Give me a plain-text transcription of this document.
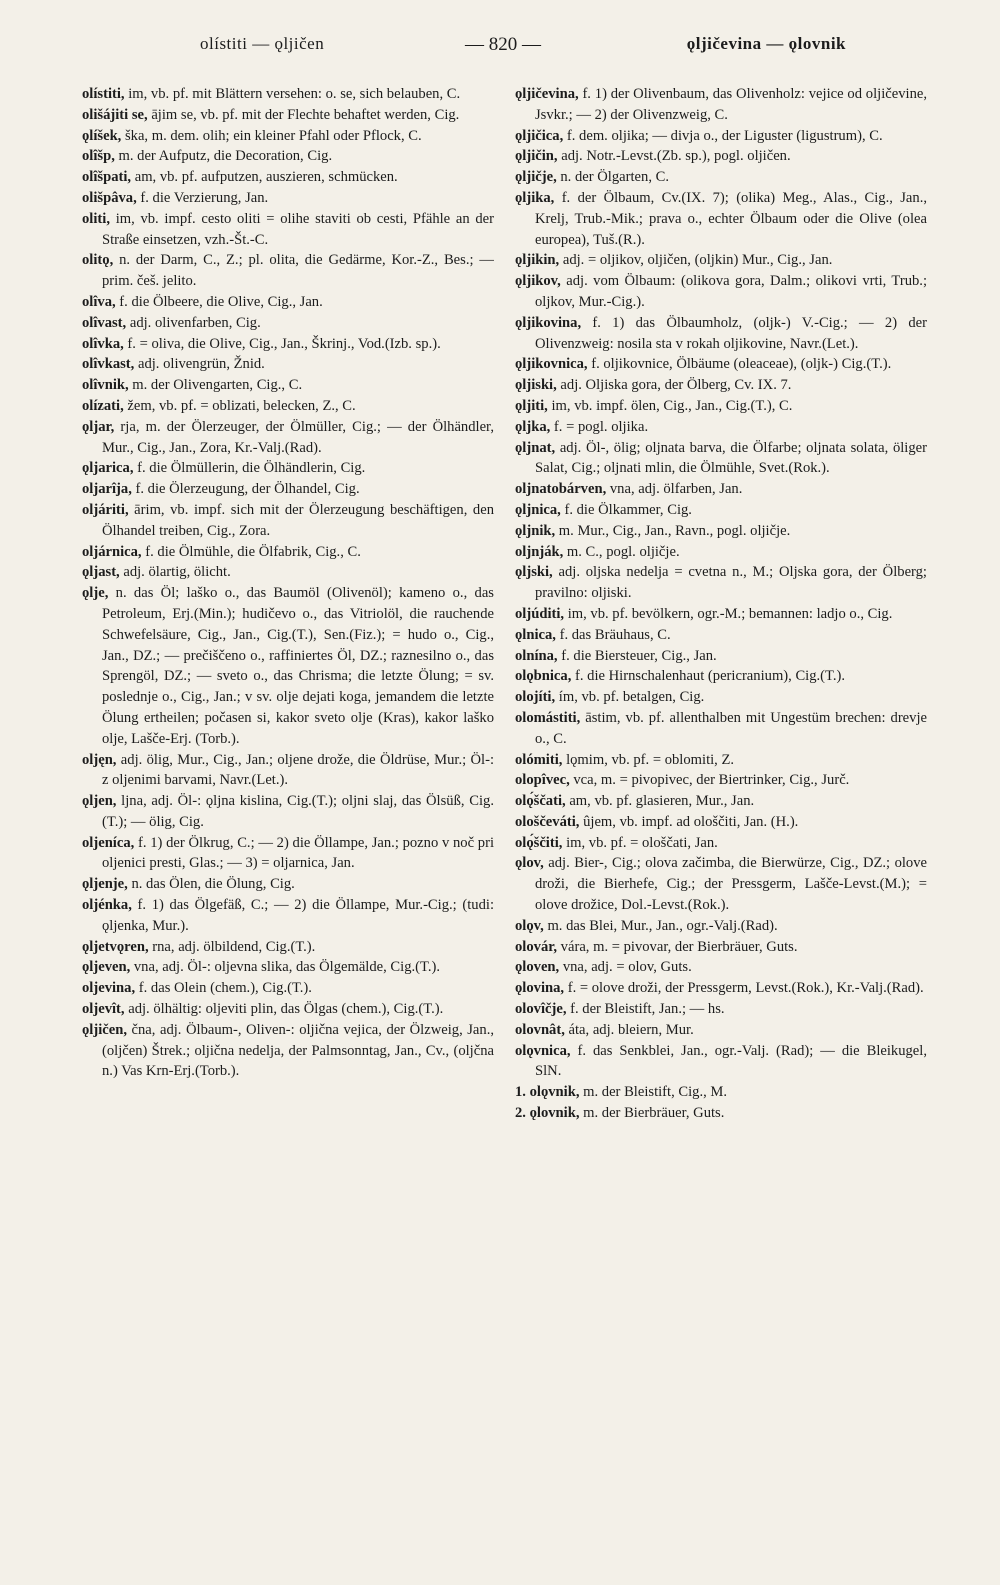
olístiti — ǫljičen	— 820 —	ǫljičevina — ǫlovnik

olístiti, im, vb. pf. mit Blättern versehen: o. se, sich belauben, C.

olišájiti se, ājim se, vb. pf. mit der Flechte behaftet werden, Cig.

ǫlíšek, ška, m. dem. olih; ein kleiner Pfahl oder Pflock, C.

olîšp, m. der Aufputz, die Decoration, Cig.

olîšpati, am, vb. pf. aufputzen, auszieren, schmücken.

olišpâva, f. die Verzierung, Jan.

oliti, im, vb. impf. cesto oliti = olihe staviti ob cesti, Pfähle an der Straße einsetzen, vzh.-Št.-C.

olitǫ, n. der Darm, C., Z.; pl. olita, die Gedärme, Kor.-Z., Bes.; — prim. češ. jelito.

olîva, f. die Ölbeere, die Olive, Cig., Jan.

olîvast, adj. olivenfarben, Cig.

olîvka, f. = oliva, die Olive, Cig., Jan., Škrinj., Vod.(Izb. sp.).

olîvkast, adj. olivengrün, Žnid.

olîvnik, m. der Olivengarten, Cig., C.

olízati, žem, vb. pf. = oblizati, belecken, Z., C.

ǫljar, rja, m. der Ölerzeuger, der Ölmüller, Cig.; — der Ölhändler, Mur., Cig., Jan., Zora, Kr.-Valj.(Rad).

ǫljarica, f. die Ölmüllerin, die Ölhändlerin, Cig.

oljarîja, f. die Ölerzeugung, der Ölhandel, Cig.

oljáriti, ārim, vb. impf. sich mit der Ölerzeugung beschäftigen, den Ölhandel treiben, Cig., Zora.

oljárnica, f. die Ölmühle, die Ölfabrik, Cig., C.

ǫljast, adj. ölartig, ölicht.

ǫlje, n. das Öl; laško o., das Baumöl (Olivenöl); kameno o., das Petroleum, Erj.(Min.); hudičevo o., das Vitriolöl, die rauchende Schwefelsäure, Cig., Jan., Cig.(T.), Sen.(Fiz.); = hudo o., Cig., Jan., DZ.; — prečiščeno o., raffiniertes Öl, DZ.; raznesilno o., das Sprengöl, DZ.; — sveto o., das Chrisma; die letzte Ölung; = sv. poslednje o., Cig., Jan.; v sv. olje dejati koga, jemandem die letzte Ölung ertheilen; počasen si, kakor sveto olje (Kras), kakor laško olje, Lašče-Erj. (Torb.).

oljęn, adj. ölig, Mur., Cig., Jan.; oljene drože, die Öldrüse, Mur.; Öl-: z oljenimi barvami, Navr.(Let.).

ǫljen, ljna, adj. Öl-: ǫljna kislina, Cig.(T.); oljni slaj, das Ölsüß, Cig.(T.); — ölig, Cig.

oljeníca, f. 1) der Ölkrug, C.; — 2) die Öllampe, Jan.; pozno v noč pri oljenici presti, Glas.; — 3) = oljarnica, Jan.

ǫljenje, n. das Ölen, die Ölung, Cig.

oljénka, f. 1) das Ölgefäß, C.; — 2) die Öllampe, Mur.-Cig.; (tudi: ǫljenka, Mur.).

ǫljetvǫren, rna, adj. ölbildend, Cig.(T.).

ǫljeven, vna, adj. Öl-: oljevna slika, das Ölgemälde, Cig.(T.).

oljevina, f. das Olein (chem.), Cig.(T.).

oljevît, adj. ölhältig: oljeviti plin, das Ölgas (chem.), Cig.(T.).

ǫljičen, čna, adj. Ölbaum-, Oliven-: oljična vejica, der Ölzweig, Jan., (oljčen) Štrek.; oljična nedelja, der Palmsonntag, Jan., Cv., (oljčna n.) Vas Krn-Erj.(Torb.).

ǫljičevina, f. 1) der Olivenbaum, das Olivenholz: vejice od oljičevine, Jsvkr.; — 2) der Olivenzweig, C.

ǫljičica, f. dem. oljika; — divja o., der Liguster (ligustrum), C.

ǫljičin, adj. Notr.-Levst.(Zb. sp.), pogl. oljičen.

ǫljičje, n. der Ölgarten, C.

ǫljika, f. der Ölbaum, Cv.(IX. 7); (olika) Meg., Alas., Cig., Jan., Krelj, Trub.-Mik.; prava o., echter Ölbaum oder die Olive (olea europea), Tuš.(R.).

ǫljikin, adj. = oljikov, oljičen, (oljkin) Mur., Cig., Jan.

ǫljikov, adj. vom Ölbaum: (olikova gora, Dalm.; olikovi vrti, Trub.; oljkov, Mur.-Cig.).

ǫljikovina, f. 1) das Ölbaumholz, (oljk-) V.-Cig.; — 2) der Olivenzweig: nosila sta v rokah oljikovine, Navr.(Let.).

ǫljikovnica, f. oljikovnice, Ölbäume (oleaceae), (oljk-) Cig.(T.).

ǫljiski, adj. Oljiska gora, der Ölberg, Cv. IX. 7.

ǫljiti, im, vb. impf. ölen, Cig., Jan., Cig.(T.), C.

ǫljka, f. = pogl. oljika.

ǫljnat, adj. Öl-, ölig; oljnata barva, die Ölfarbe; oljnata solata, öliger Salat, Cig.; oljnati mlin, die Ölmühle, Svet.(Rok.).

oljnatobárven, vna, adj. ölfarben, Jan.

ǫljnica, f. die Ölkammer, Cig.

ǫljnik, m. Mur., Cig., Jan., Ravn., pogl. oljičje.

oljnják, m. C., pogl. oljičje.

ǫljski, adj. oljska nedelja = cvetna n., M.; Oljska gora, der Ölberg; pravilno: oljiski.

oljúditi, im, vb. pf. bevölkern, ogr.-M.; bemannen: ladjo o., Cig.

ǫlnica, f. das Bräuhaus, C.

olnína, f. die Biersteuer, Cig., Jan.

olǫbnica, f. die Hirnschalenhaut (pericranium), Cig.(T.).

olojíti, ím, vb. pf. betalgen, Cig.

olomástiti, āstim, vb. pf. allenthalben mit Ungestüm brechen: drevje o., C.

olómiti, lǫmim, vb. pf. = oblomiti, Z.

olopîvec, vca, m. = pivopivec, der Biertrinker, Cig., Jurč.

olǫ́ščati, am, vb. pf. glasieren, Mur., Jan.

ološčeváti, ûjem, vb. impf. ad ološčiti, Jan. (H.).

olǫ́ščiti, im, vb. pf. = ološčati, Jan.

ǫlov, adj. Bier-, Cig.; olova začimba, die Bierwürze, Cig., DZ.; olove droži, die Bierhefe, Cig.; der Pressgerm, Lašče-Levst.(M.); = olove drožice, Dol.-Levst.(Rok.).

olǫv, m. das Blei, Mur., Jan., ogr.-Valj.(Rad).

olovár, vára, m. = pivovar, der Bierbräuer, Guts.

ǫloven, vna, adj. = olov, Guts.

ǫlovina, f. = olove droži, der Pressgerm, Levst.(Rok.), Kr.-Valj.(Rad).

olovîčje, f. der Bleistift, Jan.; — hs.

olovnât, áta, adj. bleiern, Mur.

olǫvnica, f. das Senkblei, Jan., ogr.-Valj. (Rad); — die Bleikugel, SlN.

1. olǫvnik, m. der Bleistift, Cig., M.

2. ǫlovnik, m. der Bierbräuer, Guts.
